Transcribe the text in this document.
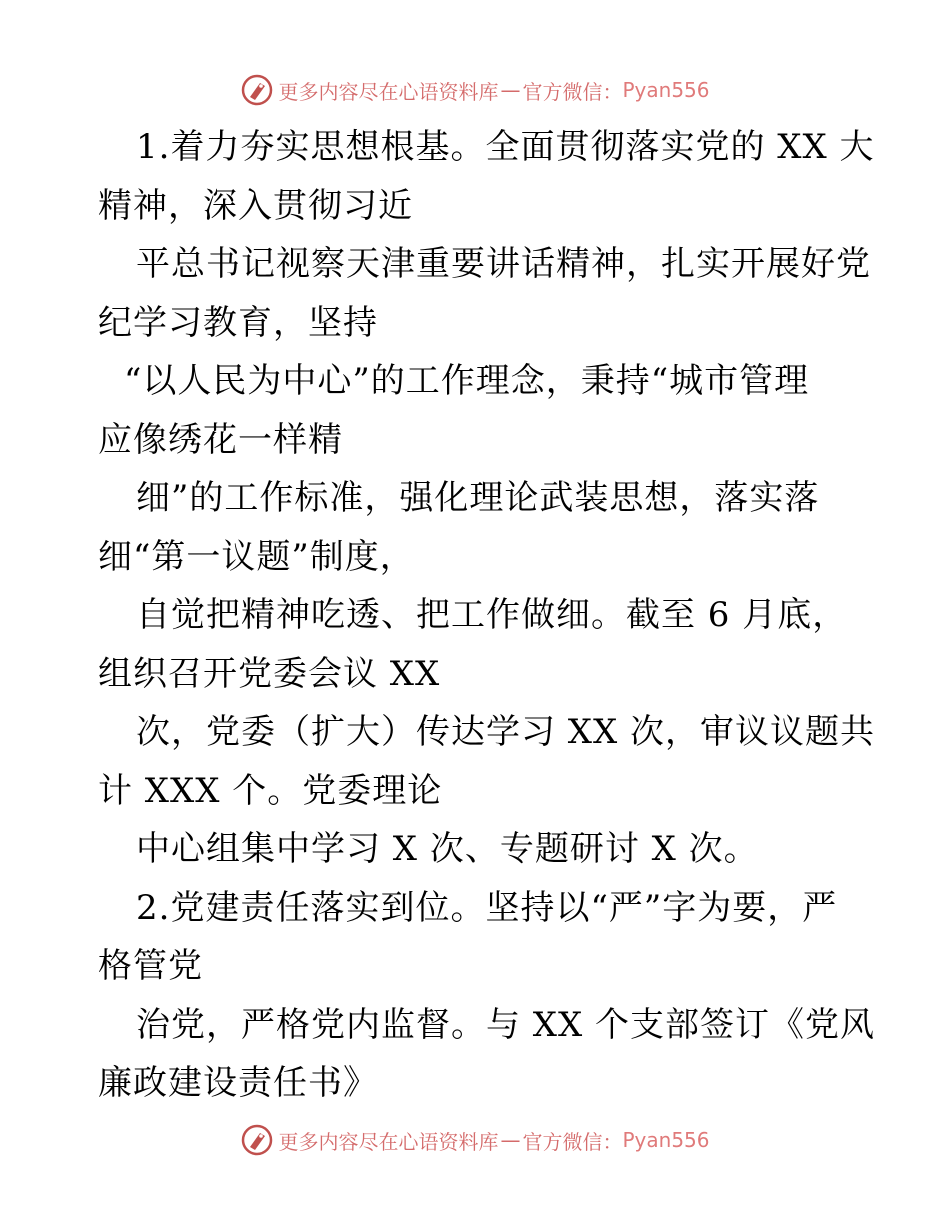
更多内容尽在心语资料库 — 官方微信： Pyan556
1.着力夯实思想根基。全面贯彻落实党的 XX 大
精神，深入贯彻习近
平总书记视察天津重要讲话精神，扎实开展好党
纪学习教育，坚持
“以人民为中心”的工作理念，秉持“城市管理
应像绣花一样精
细”的工作标准，强化理论武装思想，落实落
细“第一议题”制度，
自觉把精神吃透、把工作做细。截至 6 月底，
组织召开党委会议 XX
次，党委（扩大）传达学习 XX 次，审议议题共
计 XXX 个。党委理论
中心组集中学习 X 次、专题研讨 X 次。
2.党建责任落实到位。坚持以“严”字为要，严
格管党
治党，严格党内监督。与 XX 个支部签订《党风
廉政建设责任书》
更多内容尽在心语资料库 — 官方微信： Pyan556
